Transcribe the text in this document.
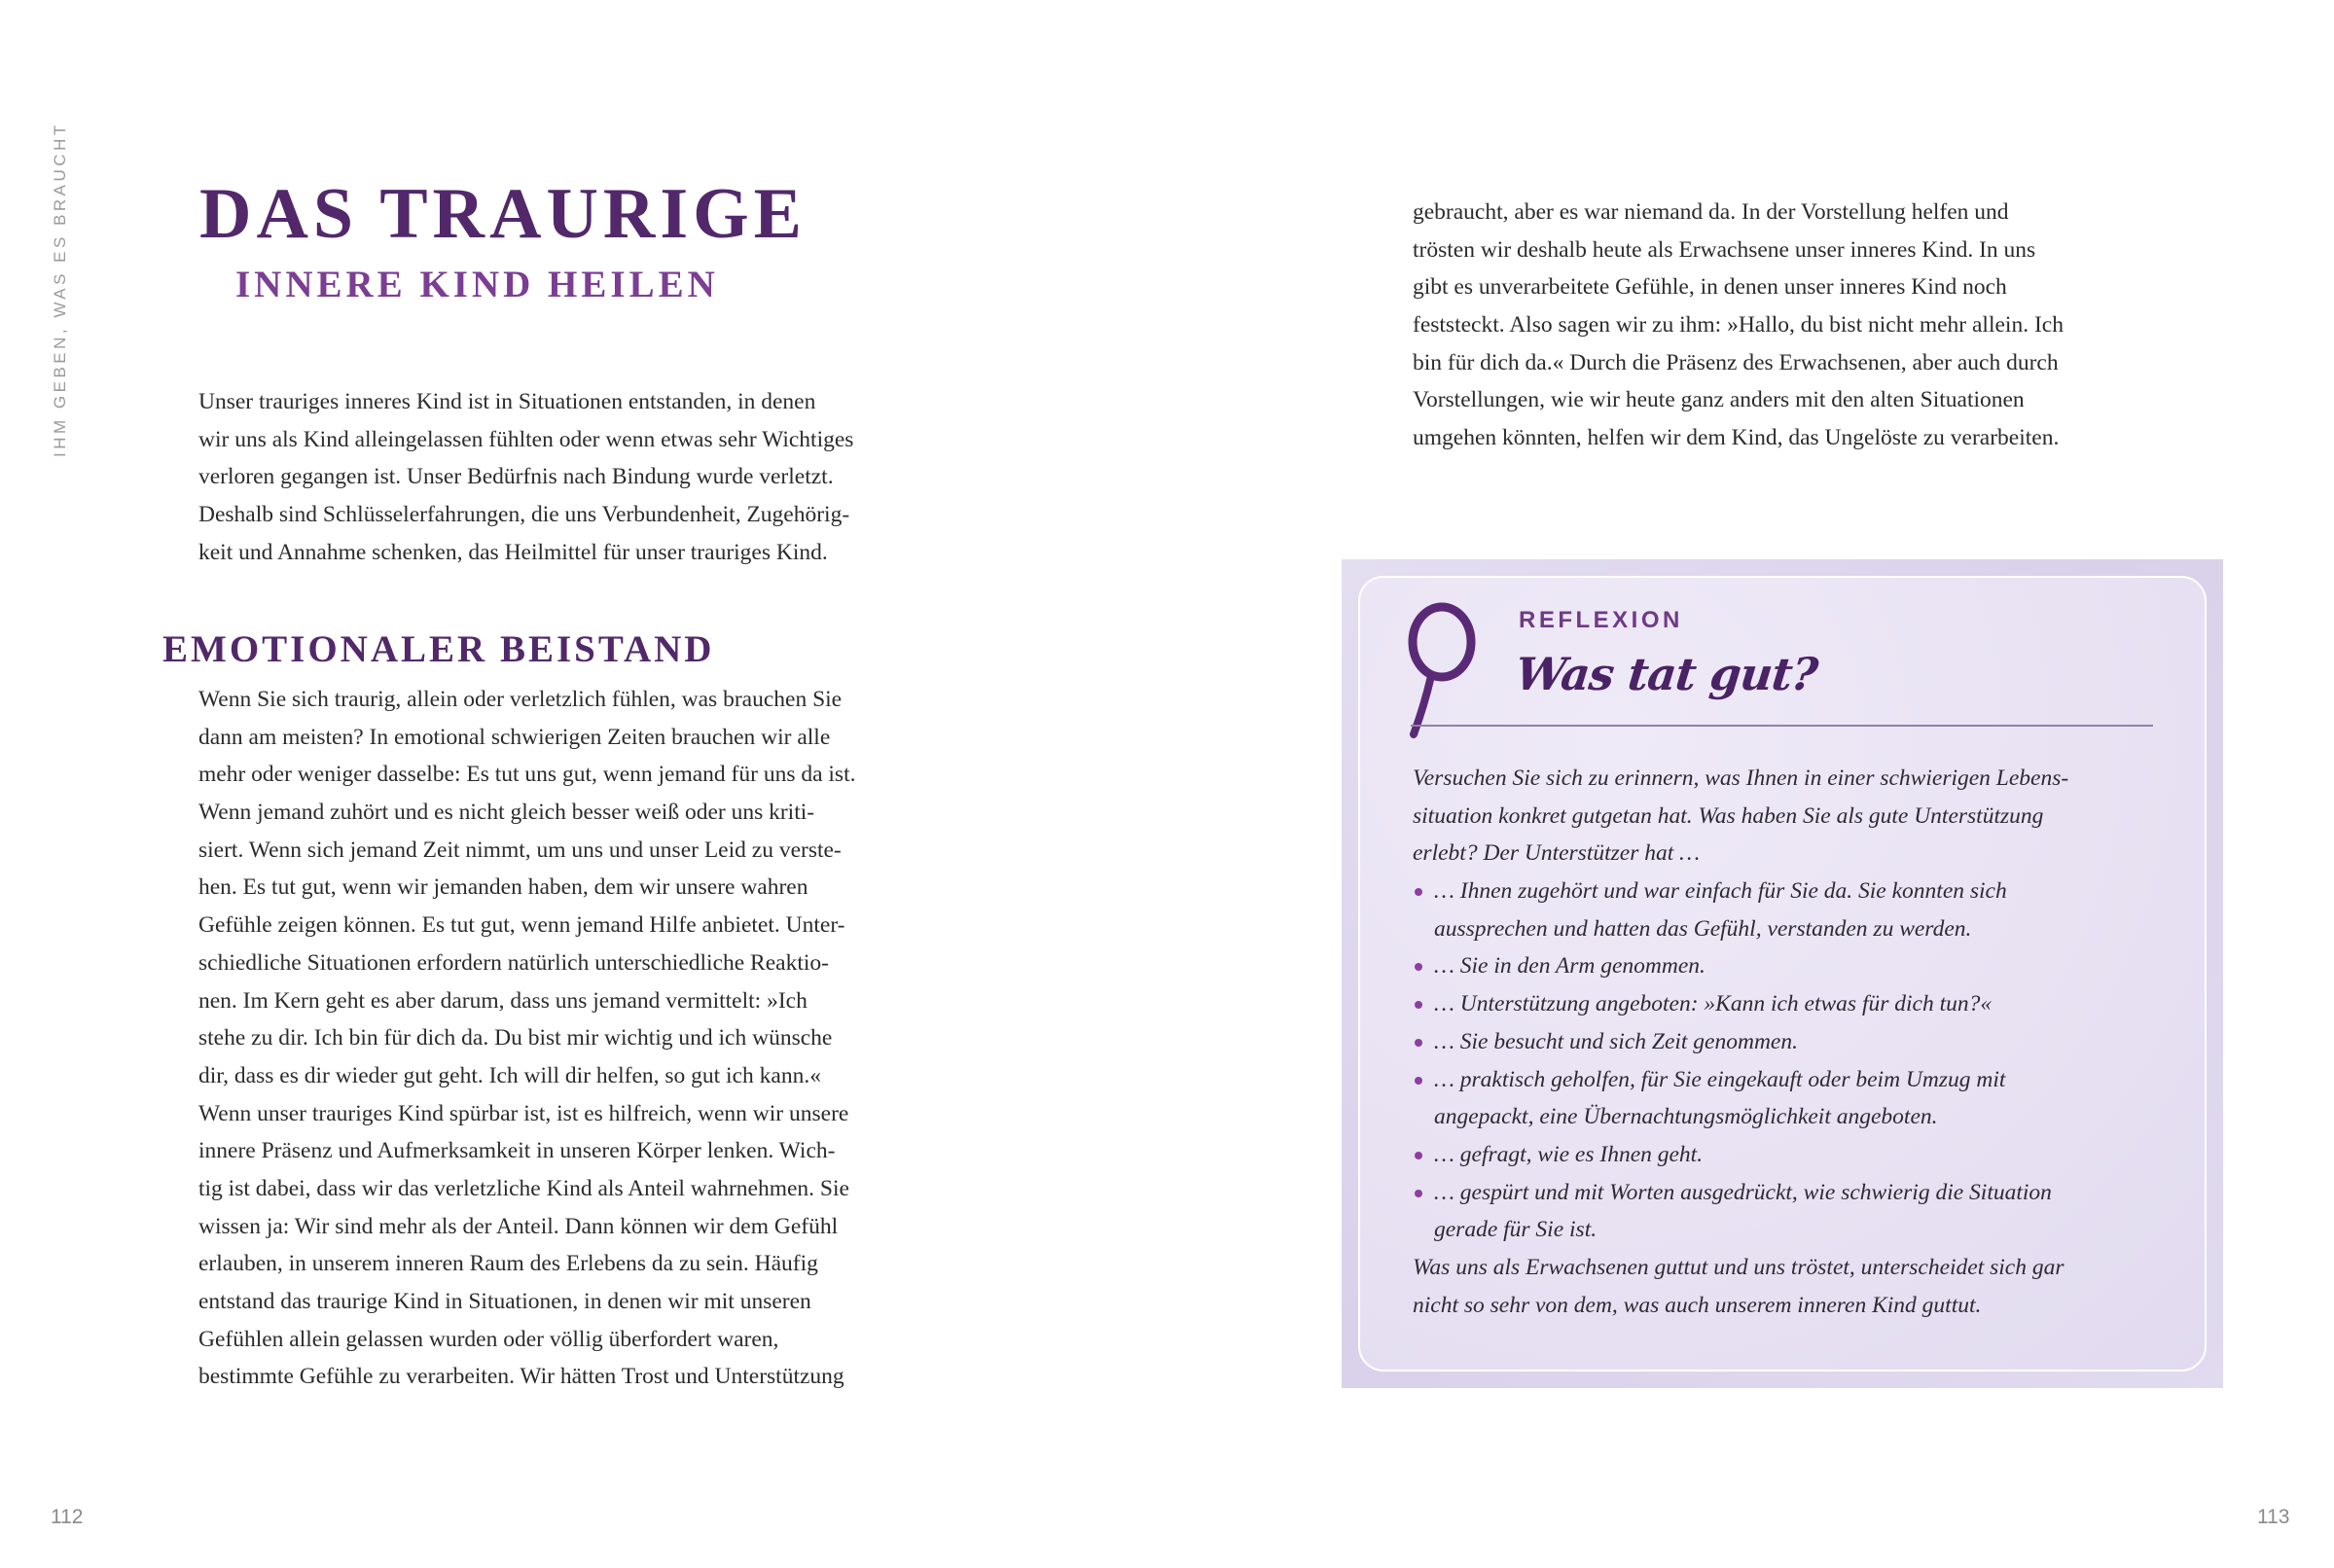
IHM GEBEN, WAS ES BRAUCHT DAS TRAURIGE
INNERE KIND HEILEN
Unser trauriges inneres Kind ist in Situationen entstanden, in denen
wir uns als Kind alleingelassen fühlten oder wenn etwas sehr Wichtiges
verloren gegangen ist. Unser Bedürfnis nach Bindung wurde verletzt.
Deshalb sind Schlüsselerfahrungen, die uns Verbundenheit, Zugehörig-
keit und Annahme schenken, das Heilmittel für unser trauriges Kind.
EMOTIONALER BEISTAND
Wenn Sie sich traurig, allein oder verletzlich fühlen, was brauchen Sie
dann am meisten? In emotional schwierigen Zeiten brauchen wir alle
mehr oder weniger dasselbe: Es tut uns gut, wenn jemand für uns da ist.
Wenn jemand zuhört und es nicht gleich besser weiß oder uns kriti-
siert. Wenn sich jemand Zeit nimmt, um uns und unser Leid zu verste-
hen. Es tut gut, wenn wir jemanden haben, dem wir unsere wahren
Gefühle zeigen können. Es tut gut, wenn jemand Hilfe anbietet. Unter-
schiedliche Situationen erfordern natürlich unterschiedliche Reaktio-
nen. Im Kern geht es aber darum, dass uns jemand vermittelt: »Ich
stehe zu dir. Ich bin für dich da. Du bist mir wichtig und ich wünsche
dir, dass es dir wieder gut geht. Ich will dir helfen, so gut ich kann.«
Wenn unser trauriges Kind spürbar ist, ist es hilfreich, wenn wir unsere
innere Präsenz und Aufmerksamkeit in unseren Körper lenken. Wich-
tig ist dabei, dass wir das verletzliche Kind als Anteil wahrnehmen. Sie
wissen ja: Wir sind mehr als der Anteil. Dann können wir dem Gefühl
erlauben, in unserem inneren Raum des Erlebens da zu sein. Häufig
entstand das traurige Kind in Situationen, in denen wir mit unseren
Gefühlen allein gelassen wurden oder völlig überfordert waren,
bestimmte Gefühle zu verarbeiten. Wir hätten Trost und Unterstützung
gebraucht, aber es war niemand da. In der Vorstellung helfen und
trösten wir deshalb heute als Erwachsene unser inneres Kind. In uns
gibt es unverarbeitete Gefühle, in denen unser inneres Kind noch
feststeckt. Also sagen wir zu ihm: »Hallo, du bist nicht mehr allein. Ich
bin für dich da.« Durch die Präsenz des Erwachsenen, aber auch durch
Vorstellungen, wie wir heute ganz anders mit den alten Situationen
umgehen könnten, helfen wir dem Kind, das Ungelöste zu verarbeiten.
REFLEXION
Was tat gut?
Versuchen Sie sich zu erinnern, was Ihnen in einer schwierigen Lebens-
situation konkret gutgetan hat. Was haben Sie als gute Unterstützung
erlebt? Der Unterstützer hat …
… Ihnen zugehört und war einfach für Sie da. Sie konnten sich
aussprechen und hatten das Gefühl, verstanden zu werden.
… Sie in den Arm genommen.
… Unterstützung angeboten: »Kann ich etwas für dich tun?«
… Sie besucht und sich Zeit genommen.
… praktisch geholfen, für Sie eingekauft oder beim Umzug mit
angepackt, eine Übernachtungsmöglichkeit angeboten.
… gefragt, wie es Ihnen geht.
… gespürt und mit Worten ausgedrückt, wie schwierig die Situation
gerade für Sie ist.
Was uns als Erwachsenen guttut und uns tröstet, unterscheidet sich gar
nicht so sehr von dem, was auch unserem inneren Kind guttut.
112	113
